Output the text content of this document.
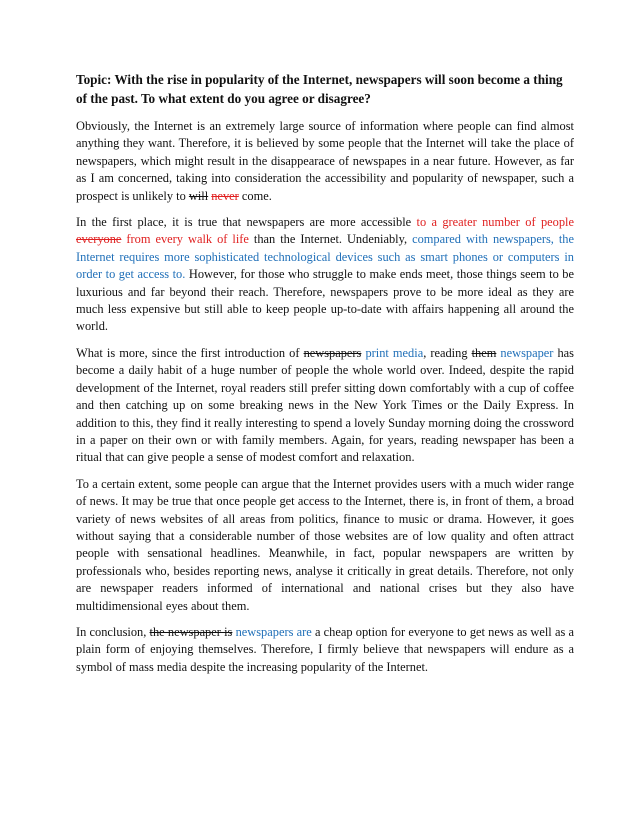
Topic: With the rise in popularity of the Internet, newspapers will soon become a thing of the past. To what extent do you agree or disagree?

Obviously, the Internet is an extremely large source of information where people can find almost anything they want. Therefore, it is believed by some people that the Internet will take the place of newspapers, which might result in the disappearace of newspapes in a near future. However, as far as I am concerned, taking into consideration the accessibility and popularity of newspaper, such a prospect is unlikely to will never come.

In the first place, it is true that newspapers are more accessible to a greater number of people everyone from every walk of life than the Internet. Undeniably, compared with newspapers, the Internet requires more sophisticated technological devices such as smart phones or computers in order to get access to. However, for those who struggle to make ends meet, those things seem to be luxurious and far beyond their reach. Therefore, newspapers prove to be more ideal as they are much less expensive but still able to keep people up-to-date with affairs happening all around the world.

What is more, since the first introduction of newspapers print media, reading them newspaper has become a daily habit of a huge number of people the whole world over. Indeed, despite the rapid development of the Internet, royal readers still prefer sitting down comfortably with a cup of coffee and then catching up on some breaking news in the New York Times or the Daily Express. In addition to this, they find it really interesting to spend a lovely Sunday morning doing the crossword in a paper on their own or with family members. Again, for years, reading newspaper has been a ritual that can give people a sense of modest comfort and relaxation.

To a certain extent, some people can argue that the Internet provides users with a much wider range of news. It may be true that once people get access to the Internet, there is, in front of them, a broad variety of news websites of all areas from politics, finance to music or drama. However, it goes without saying that a considerable number of those websites are of low quality and often attract people with sensational headlines. Meanwhile, in fact, popular newspapers are written by professionals who, besides reporting news, analyse it critically in great details. Therefore, not only are newspaper readers informed of international and national crises but they also have multidimensional eyes about them.

In conclusion, the newspaper is newspapers are a cheap option for everyone to get news as well as a plain form of enjoying themselves. Therefore, I firmly believe that newspapers will endure as a symbol of mass media despite the increasing popularity of the Internet.
